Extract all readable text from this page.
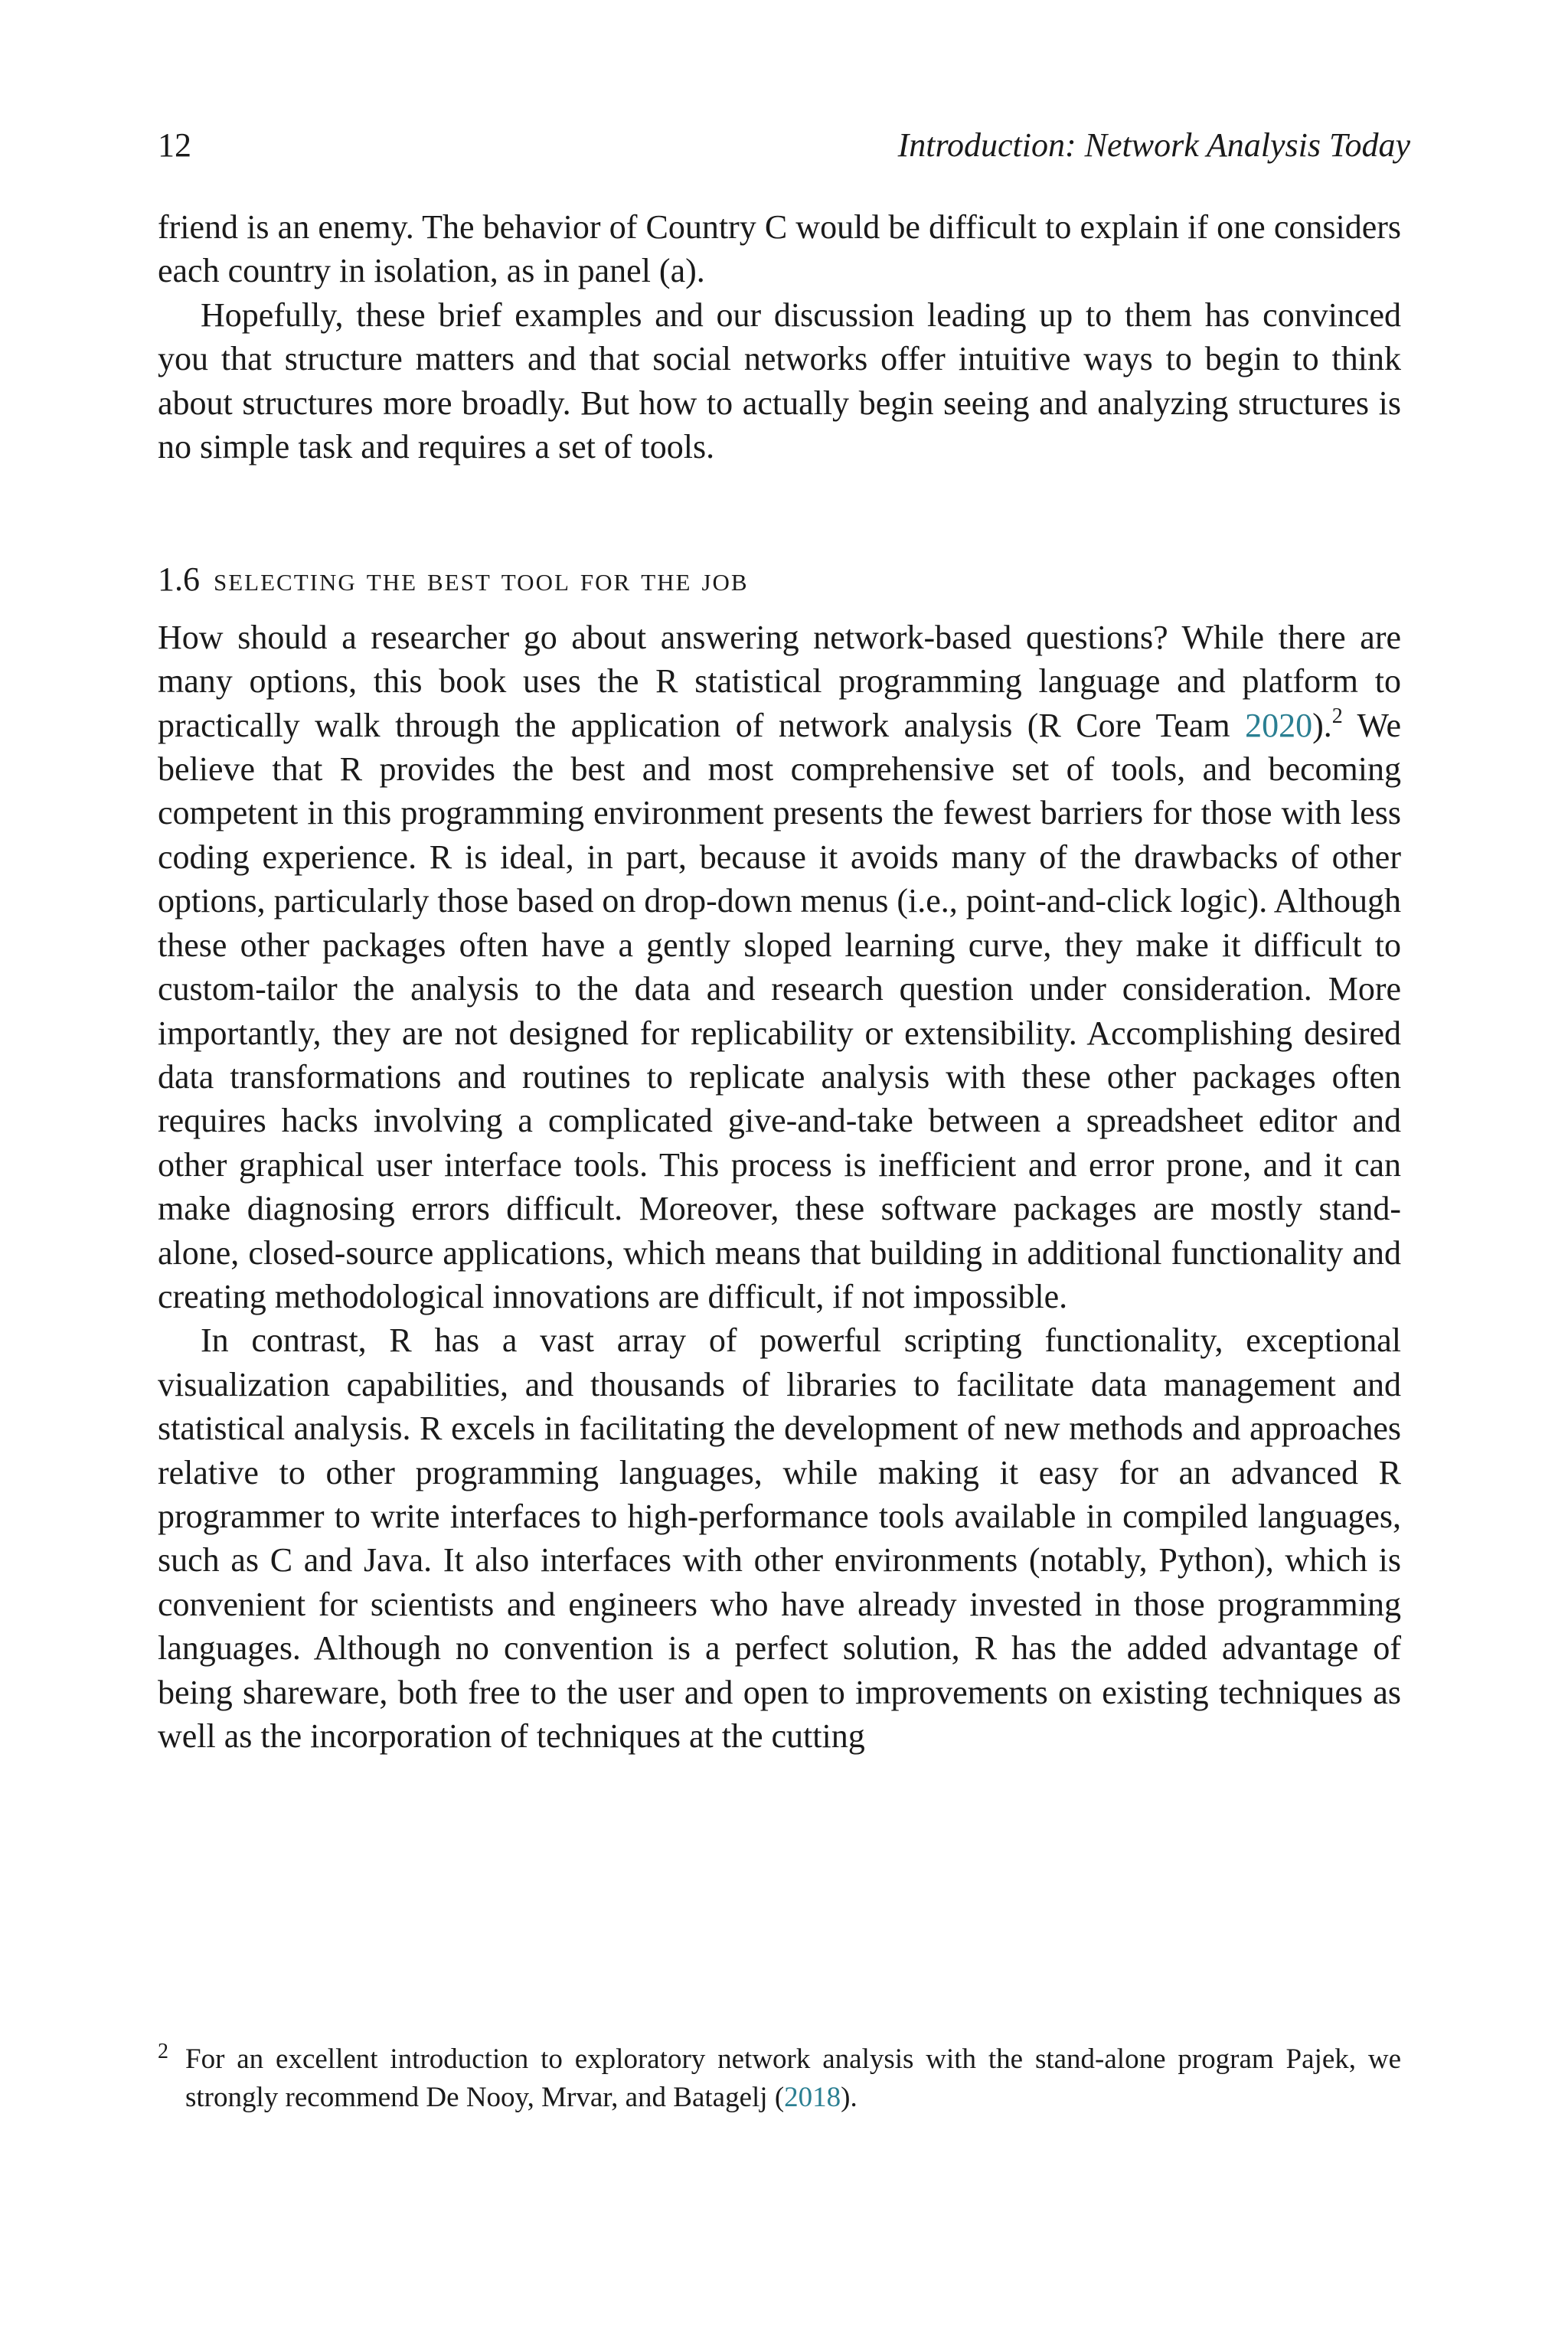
12	Introduction: Network Analysis Today

friend is an enemy. The behavior of Country C would be difficult to explain if one considers each country in isolation, as in panel (a).

Hopefully, these brief examples and our discussion leading up to them has convinced you that structure matters and that social networks offer intuitive ways to begin to think about structures more broadly. But how to actually begin seeing and analyzing structures is no simple task and requires a set of tools.

1.6 selecting the best tool for the job

How should a researcher go about answering network-based questions? While there are many options, this book uses the R statistical programming language and platform to practically walk through the application of network analysis (R Core Team 2020).$^2$ We believe that R provides the best and most comprehensive set of tools, and becoming competent in this programming environment presents the fewest barriers for those with less coding experience. R is ideal, in part, because it avoids many of the drawbacks of other options, particularly those based on drop-down menus (i.e., point-and-click logic). Although these other packages often have a gently sloped learning curve, they make it difficult to custom-tailor the analysis to the data and research question under consideration. More importantly, they are not designed for replicability or extensibility. Accomplishing desired data transformations and routines to replicate analysis with these other packages often requires hacks involving a complicated give-and-take between a spreadsheet editor and other graphical user interface tools. This process is inefficient and error prone, and it can make diagnosing errors difficult. Moreover, these software packages are mostly stand-alone, closed-source applications, which means that building in additional functionality and creating methodological innovations are difficult, if not impossible.

In contrast, R has a vast array of powerful scripting functionality, exceptional visualization capabilities, and thousands of libraries to facilitate data management and statistical analysis. R excels in facilitating the development of new methods and approaches relative to other programming languages, while making it easy for an advanced R programmer to write interfaces to high-performance tools available in compiled languages, such as C and Java. It also interfaces with other environments (notably, Python), which is convenient for scientists and engineers who have already invested in those programming languages. Although no convention is a perfect solution, R has the added advantage of being shareware, both free to the user and open to improvements on existing techniques as well as the incorporation of techniques at the cutting

2 For an excellent introduction to exploratory network analysis with the stand-alone program Pajek, we strongly recommend De Nooy, Mrvar, and Batagelj (2018).
